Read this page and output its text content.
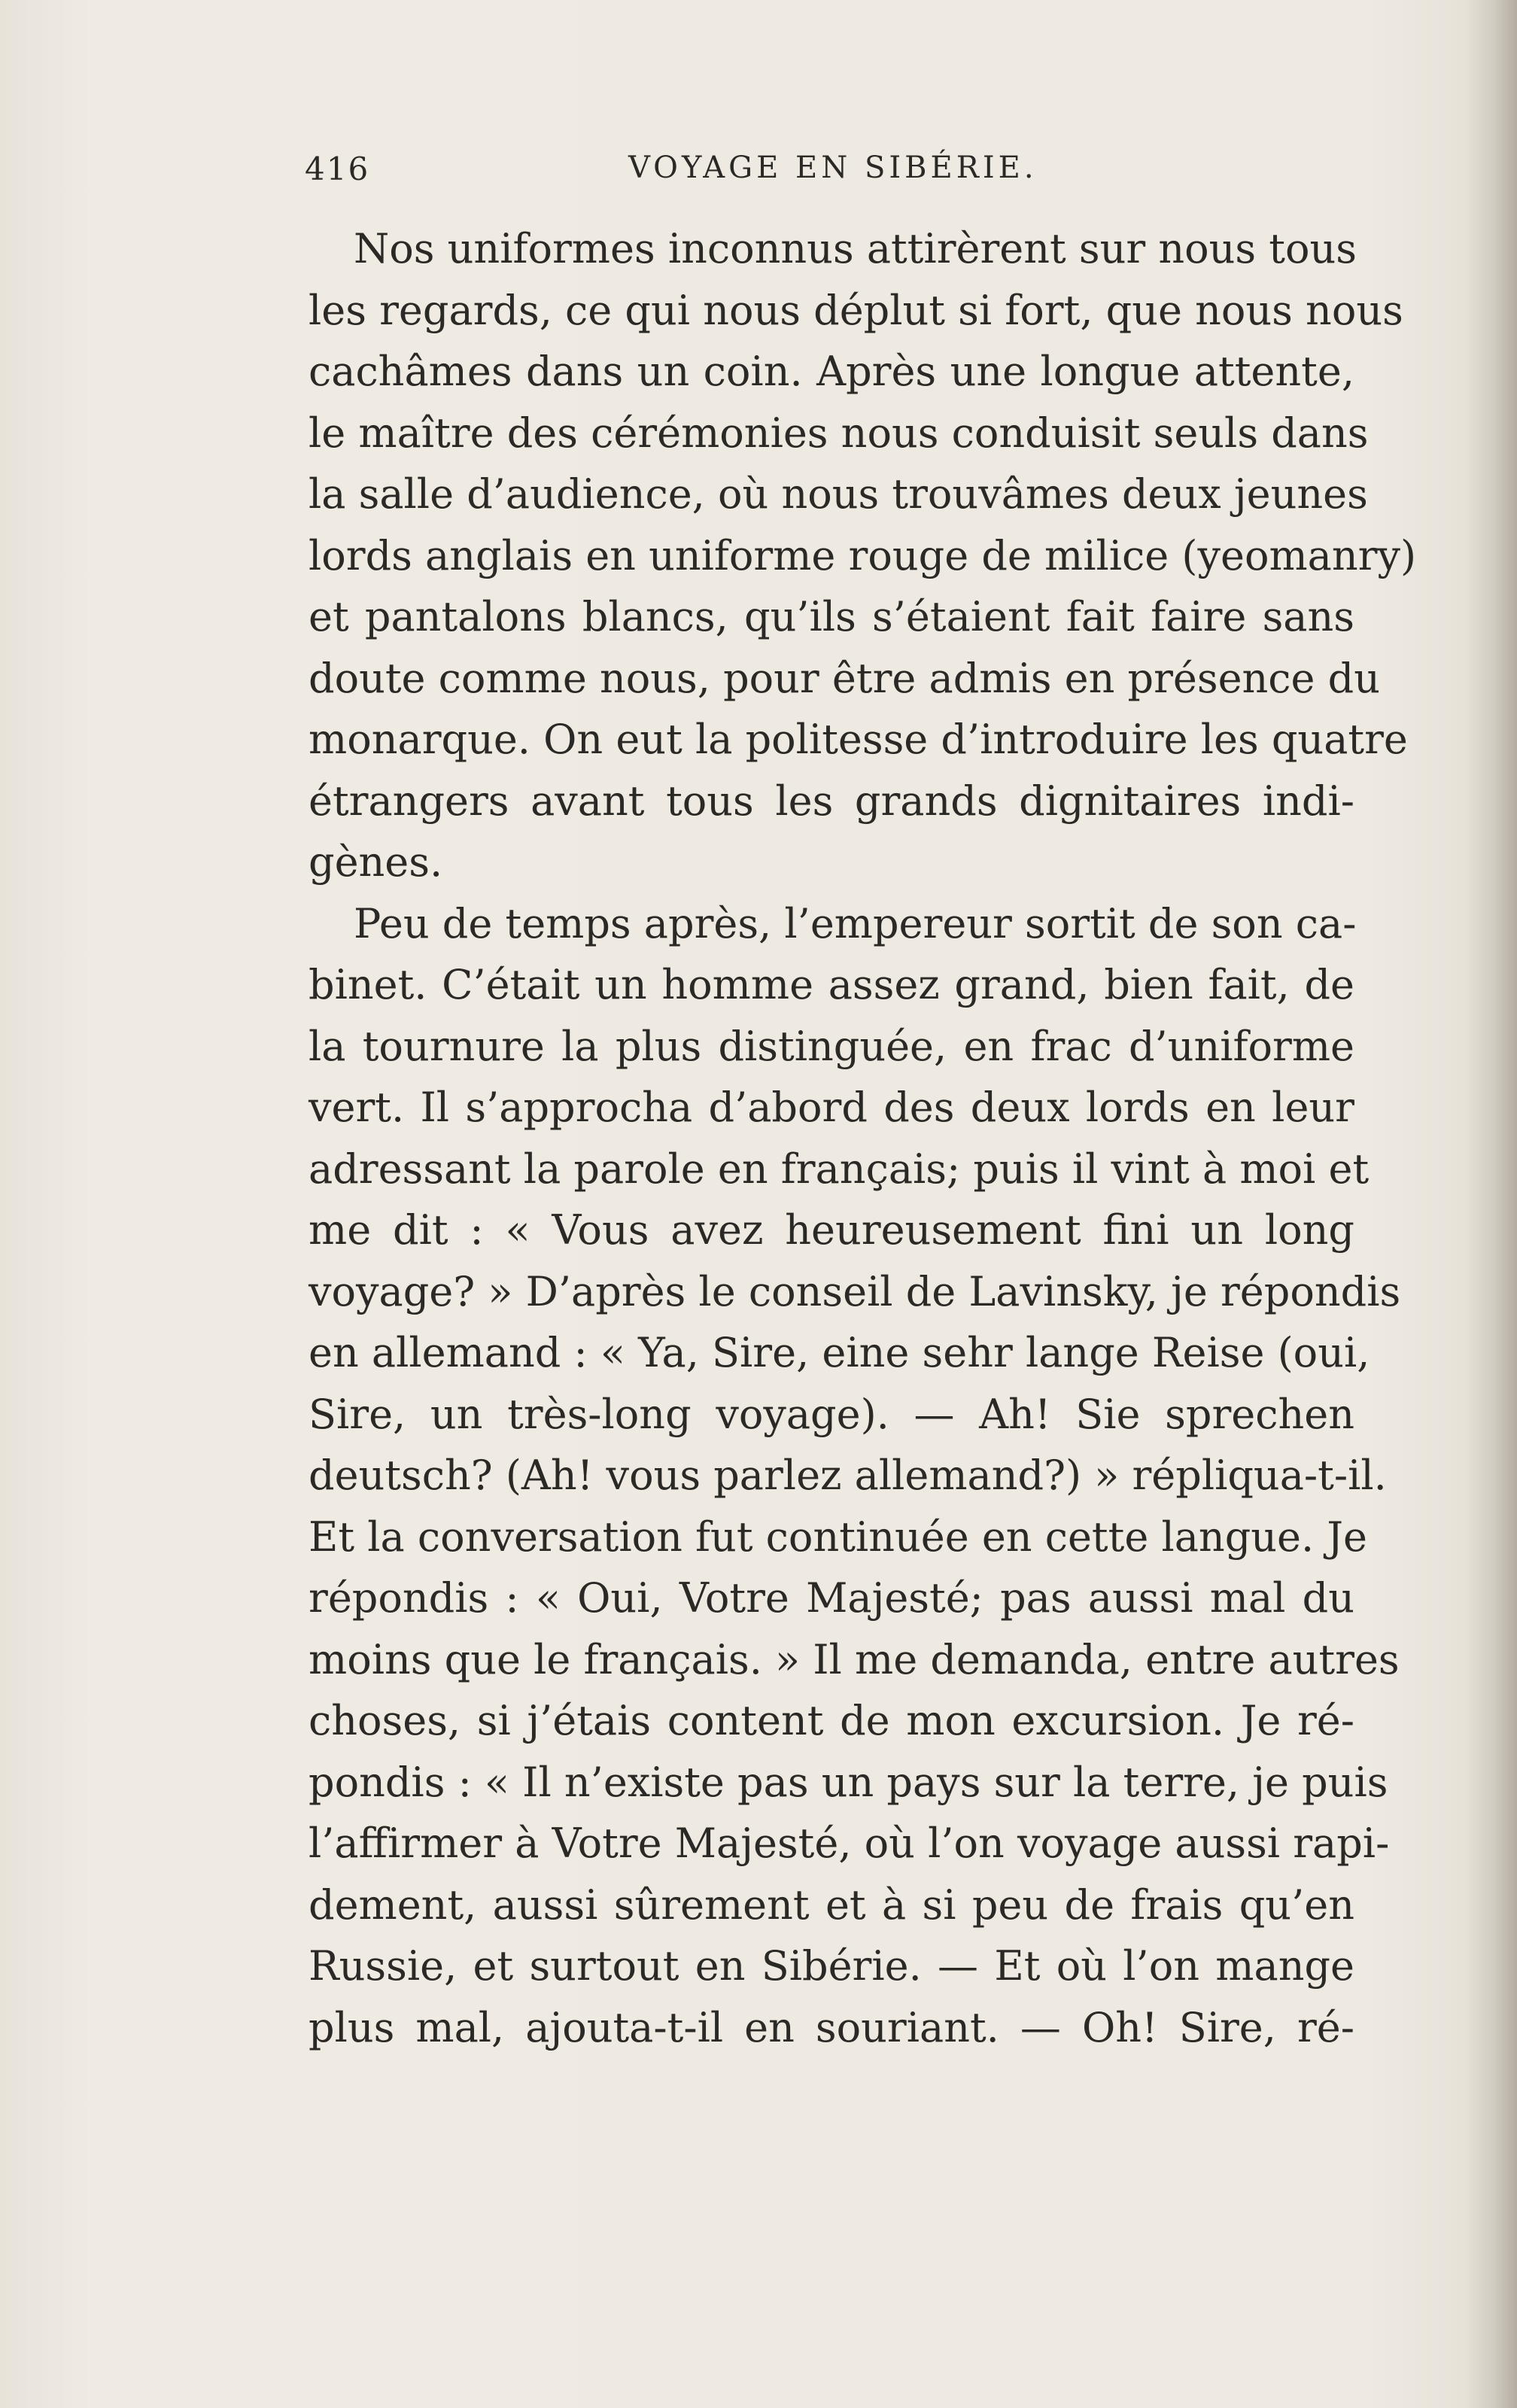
416	VOYAGE EN SIBÉRIE.
Nos uniformes inconnus attirèrent sur nous tous
les regards, ce qui nous déplut si fort, que nous nous
cachâmes dans un coin. Après une longue attente,
le maître des cérémonies nous conduisit seuls dans
la salle d’audience, où nous trouvâmes deux jeunes
lords anglais en uniforme rouge de milice (yeomanry)
et pantalons blancs, qu’ils s’étaient fait faire sans
doute comme nous, pour être admis en présence du
monarque. On eut la politesse d’introduire les quatre
étrangers avant tous les grands dignitaires indi-
gènes.
Peu de temps après, l’empereur sortit de son ca-
binet. C’était un homme assez grand, bien fait, de
la tournure la plus distinguée, en frac d’uniforme
vert. Il s’approcha d’abord des deux lords en leur
adressant la parole en français; puis il vint à moi et
me dit : « Vous avez heureusement fini un long
voyage? » D’après le conseil de Lavinsky, je répondis
en allemand : « Ya, Sire, eine sehr lange Reise (oui,
Sire, un très-long voyage). — Ah! Sie sprechen
deutsch? (Ah! vous parlez allemand?) » répliqua-t-il.
Et la conversation fut continuée en cette langue. Je
répondis : « Oui, Votre Majesté; pas aussi mal du
moins que le français. » Il me demanda, entre autres
choses, si j’étais content de mon excursion. Je ré-
pondis : « Il n’existe pas un pays sur la terre, je puis
l’affirmer à Votre Majesté, où l’on voyage aussi rapi-
dement, aussi sûrement et à si peu de frais qu’en
Russie, et surtout en Sibérie. — Et où l’on mange
plus mal, ajouta-t-il en souriant. — Oh! Sire, ré-
